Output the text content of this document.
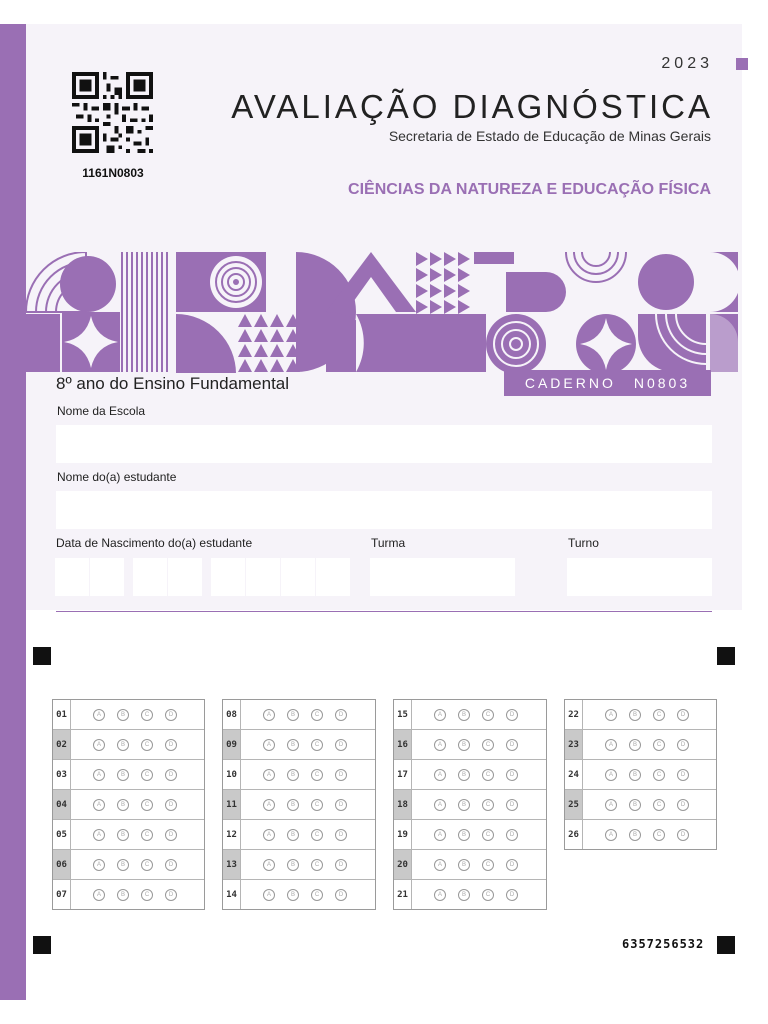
1161N0803
2023
AVALIAÇÃO DIAGNÓSTICA
Secretaria de Estado de Educação de Minas Gerais
CIÊNCIAS DA NATUREZA E EDUCAÇÃO FÍSICA
8º ano do Ensino Fundamental	CADERNO N0803
Nome da Escola
Nome do(a) estudante
Data de Nascimento do(a) estudante	Turma	Turno
01	A	B	C	D
02	A	B	C	D
03	A	B	C	D
04	A	B	C	D
05	A	B	C	D
06	A	B	C	D
07	A	B	C	D
08	A	B	C	D
09	A	B	C	D
10	A	B	C	D
11	A	B	C	D
12	A	B	C	D
13	A	B	C	D
14	A	B	C	D
15	A	B	C	D
16	A	B	C	D
17	A	B	C	D
18	A	B	C	D
19	A	B	C	D
20	A	B	C	D
21	A	B	C	D
22	A	B	C	D
23	A	B	C	D
24	A	B	C	D
25	A	B	C	D
26	A	B	C	D
6357256532
